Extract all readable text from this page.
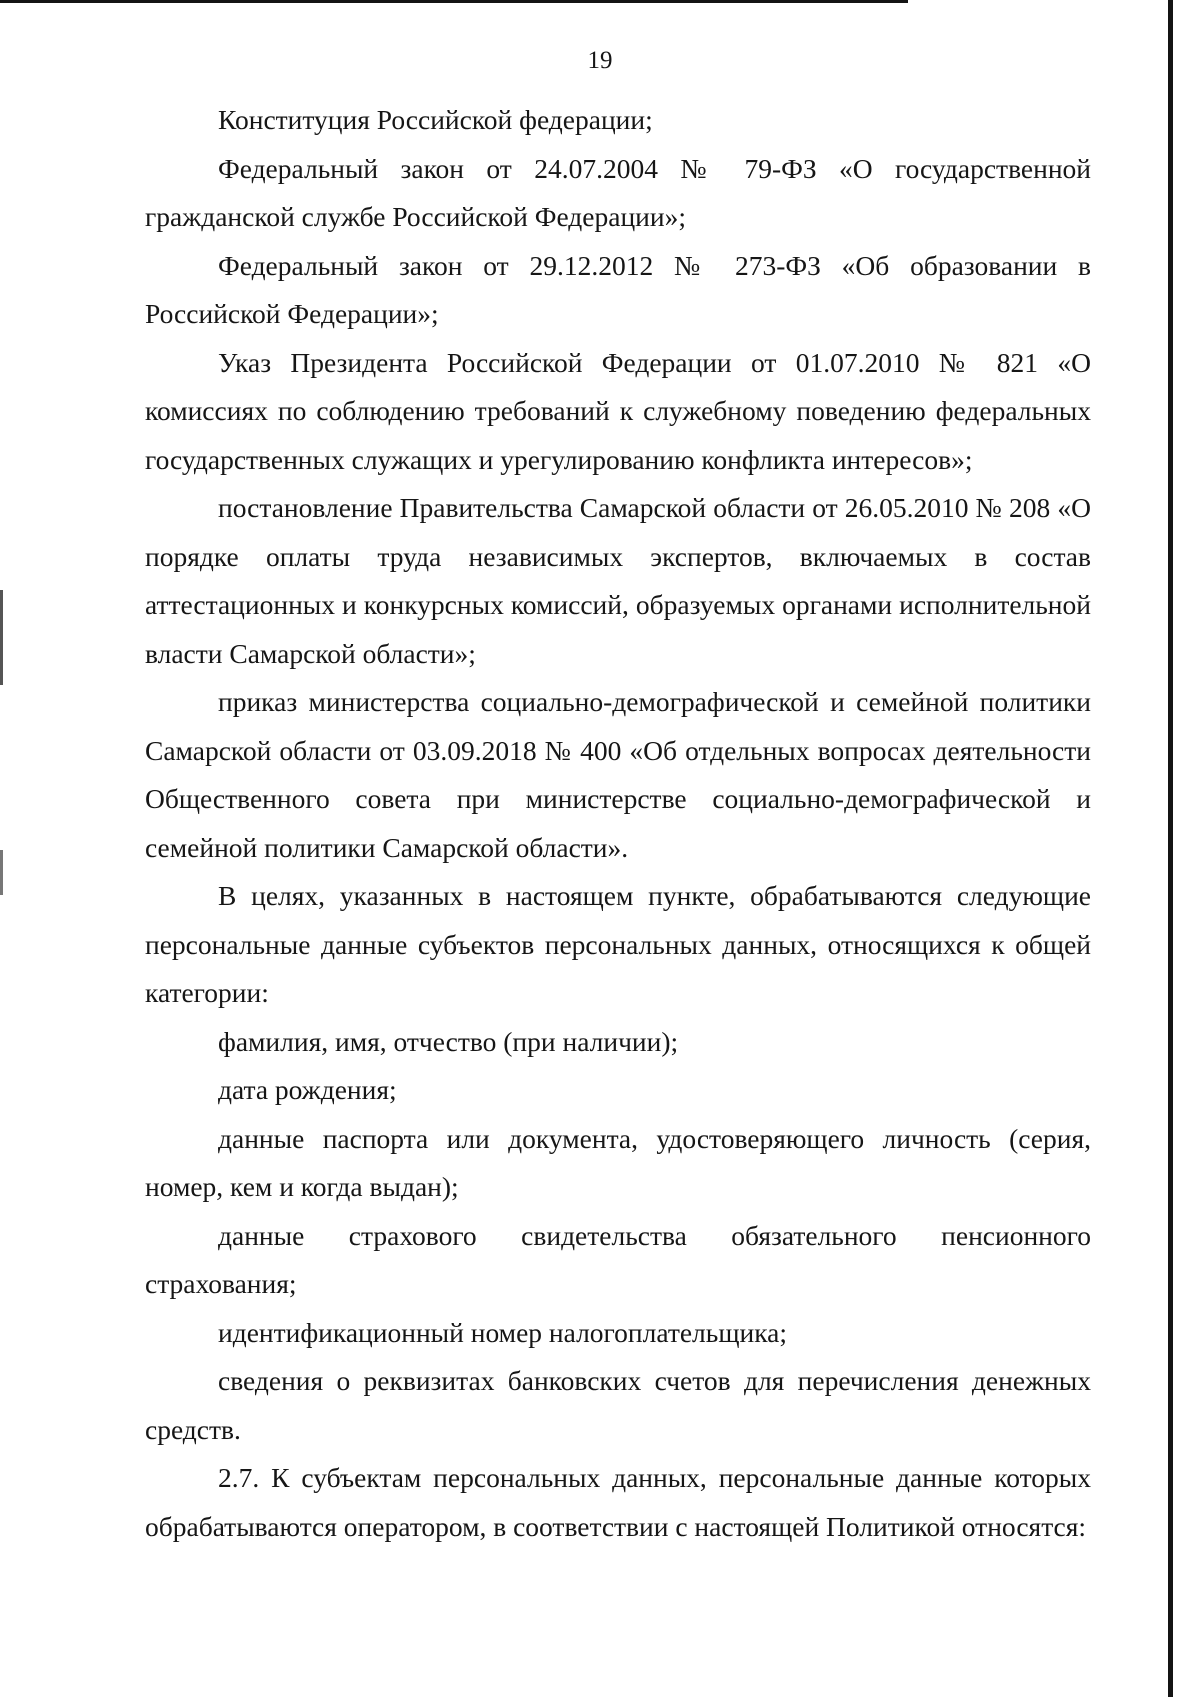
19

Конституция Российской федерации;

Федеральный закон от 24.07.2004 № 79-ФЗ «О государственной гражданской службе Российской Федерации»;

Федеральный закон от 29.12.2012 № 273-ФЗ «Об образовании в Российской Федерации»;

Указ Президента Российской Федерации от 01.07.2010 № 821 «О комиссиях по соблюдению требований к служебному поведению федеральных государственных служащих и урегулированию конфликта интересов»;

постановление Правительства Самарской области от 26.05.2010 № 208 «О порядке оплаты труда независимых экспертов, включаемых в состав аттестационных и конкурсных комиссий, образуемых органами исполнительной власти Самарской области»;

приказ министерства социально-демографической и семейной политики Самарской области от 03.09.2018 № 400 «Об отдельных вопросах деятельности Общественного совета при министерстве социально-демографической и семейной политики Самарской области».

В целях, указанных в настоящем пункте, обрабатываются следующие персональные данные субъектов персональных данных, относящихся к общей категории:

фамилия, имя, отчество (при наличии);

дата рождения;

данные паспорта или документа, удостоверяющего личность (серия, номер, кем и когда выдан);

данные страхового свидетельства обязательного пенсионного страхования;

идентификационный номер налогоплательщика;

сведения о реквизитах банковских счетов для перечисления денежных средств.

2.7. К субъектам персональных данных, персональные данные которых обрабатываются оператором, в соответствии с настоящей Политикой относятся:
